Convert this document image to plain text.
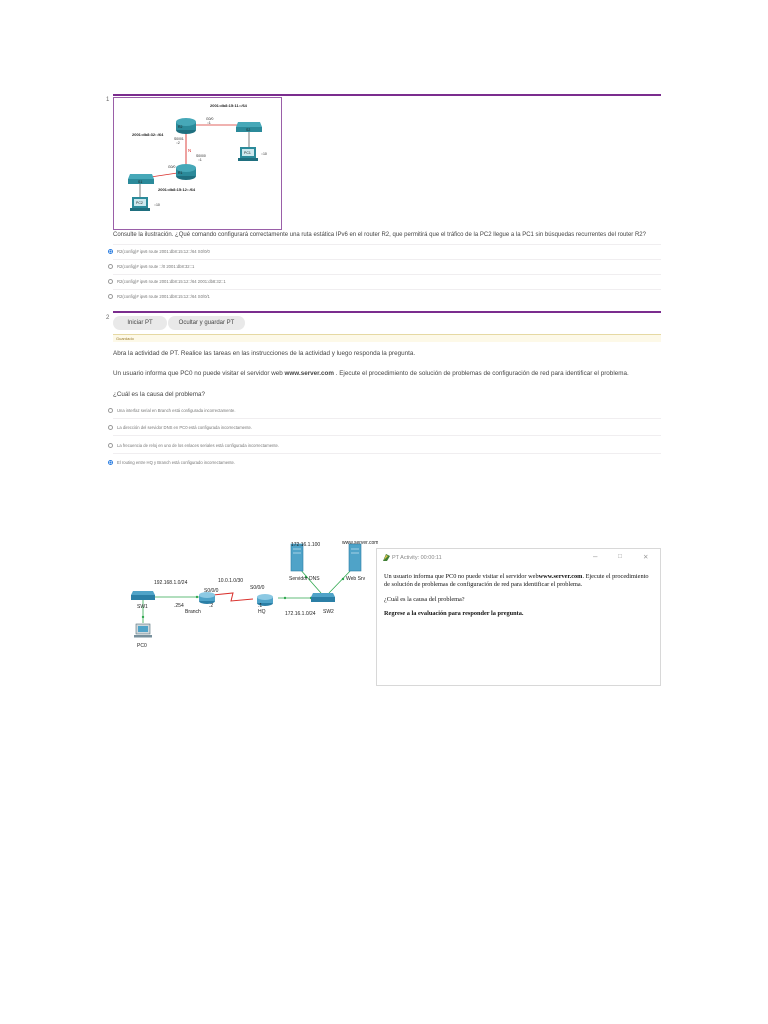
1
R2
S2
PC1	::10
R1
S1
PC2	::10
2001:db8:15:11::/64
2001:db8:32::/64
2001:db8:15:12::/64
G0/0
::1
S0/0/1
::2
N
S0/0/0
::1
G0/0
Consulte la ilustración. ¿Qué comando configurará correctamente una ruta estática IPv6 en el router R2, que permitirá que el tráfico de la PC2 llegue a la PC1 sin búsquedas recurrentes del router R2?
R2(config)# ipv6 route 2001:db8:15:12::/64 S0/0/0
R2(config)# ipv6 route ::/0 2001:db8:32::1
R2(config)# ipv6 route 2001:db8:15:12::/64 2001:db8:32::1
R2(config)# ipv6 route 2001:db8:15:12::/64 S0/0/1
2
Iniciar PT	Ocultar y guardar PT
Guardado
Abra la actividad de PT. Realice las tareas en las instrucciones de la actividad y luego responda la pregunta.
Un usuario informa que PC0 no puede visitar el servidor web www.server.com . Ejecute el procedimiento de solución de problemas de configuración de red para identificar el problema.
¿Cuál es la causa del problema?
Una interfaz serial en Branch está configurada incorrectamente.
La dirección del servidor DNS en PC0 está configurada incorrectamente.
La frecuencia de reloj en uno de los enlaces seriales está configurada incorrectamente.
El routing entre HQ y Branch está configurado incorrectamente.
172.16.1.100	www.server.com
192.168.1.0/24	10.0.1.0/30
S0/0/0	S0/0/0
.254	.2	.1
172.16.1.0/24
SW1
SW2
Branch	HQ
PC0
Servidor DNS	Web Srv
PT Activity: 00:00:11	–	□	✕
Un usuario informa que PC0 no puede visitar el servidor webwww.server.com. Ejecute el procedimiento de solución de problemas de configuración de red para identificar el problema.
¿Cuál es la causa del problema?
Regrese a la evaluación para responder la pregunta.
